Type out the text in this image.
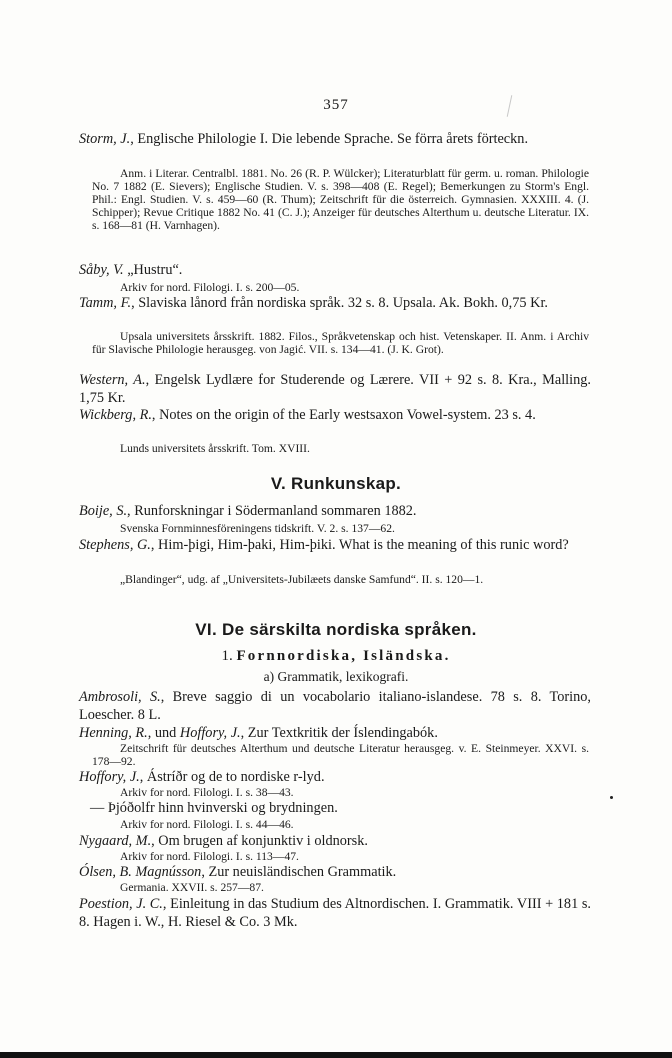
357
Storm, J., Englische Philologie I. Die lebende Sprache. Se förra årets förteckn.
Anm. i Literar. Centralbl. 1881. No. 26 (R. P. Wülcker); Literaturblatt für germ. u. roman. Philologie No. 7 1882 (E. Sievers); Englische Studien. V. s. 398—408 (E. Regel); Bemerkungen zu Storm's Engl. Phil.: Engl. Studien. V. s. 459—60 (R. Thum); Zeitschrift für die österreich. Gymnasien. XXXIII. 4. (J. Schipper); Revue Critique 1882 No. 41 (C. J.); Anzeiger für deutsches Alterthum u. deutsche Literatur. IX. s. 168—81 (H. Varnhagen).
Såby, V. „Hustru“.
Arkiv for nord. Filologi. I. s. 200—05.
Tamm, F., Slaviska lånord från nordiska språk. 32 s. 8. Upsala. Ak. Bokh. 0,75 Kr.
Upsala universitets årsskrift. 1882. Filos., Språkvetenskap och hist. Vetenskaper. II. Anm. i Archiv für Slavische Philologie herausgeg. von Jagić. VII. s. 134—41. (J. K. Grot).
Western, A., Engelsk Lydlære for Studerende og Lærere. VII + 92 s. 8. Kra., Malling. 1,75 Kr.
Wickberg, R., Notes on the origin of the Early westsaxon Vowel-system. 23 s. 4.
Lunds universitets årsskrift. Tom. XVIII.
V. Runkunskap.
Boije, S., Runforskningar i Södermanland sommaren 1882.
Svenska Fornminnesföreningens tidskrift. V. 2. s. 137—62.
Stephens, G., Him-þigi, Him-þaki, Him-þiki. What is the meaning of this runic word?
„Blandinger“, udg. af „Universitets-Jubilæets danske Samfund“. II. s. 120—1.
VI. De särskilta nordiska språken.
1. Fornnordiska, Isländska.
a) Grammatik, lexikografi.
Ambrosoli, S., Breve saggio di un vocabolario italiano-islandese. 78 s. 8. Torino, Loescher. 8 L.
Henning, R., und Hoffory, J., Zur Textkritik der Íslendingabók.
Zeitschrift für deutsches Alterthum und deutsche Literatur herausgeg. v. E. Steinmeyer. XXVI. s. 178—92.
Hoffory, J., Ástríðr og de to nordiske r-lyd.
Arkiv for nord. Filologi. I. s. 38—43.
— Þjóðolfr hinn hvinverski og brydningen.
Arkiv for nord. Filologi. I. s. 44—46.
Nygaard, M., Om brugen af konjunktiv i oldnorsk.
Arkiv for nord. Filologi. I. s. 113—47.
Ólsen, B. Magnússon, Zur neuisländischen Grammatik.
Germania. XXVII. s. 257—87.
Poestion, J. C., Einleitung in das Studium des Altnordischen. I. Grammatik. VIII + 181 s. 8. Hagen i. W., H. Riesel & Co. 3 Mk.
